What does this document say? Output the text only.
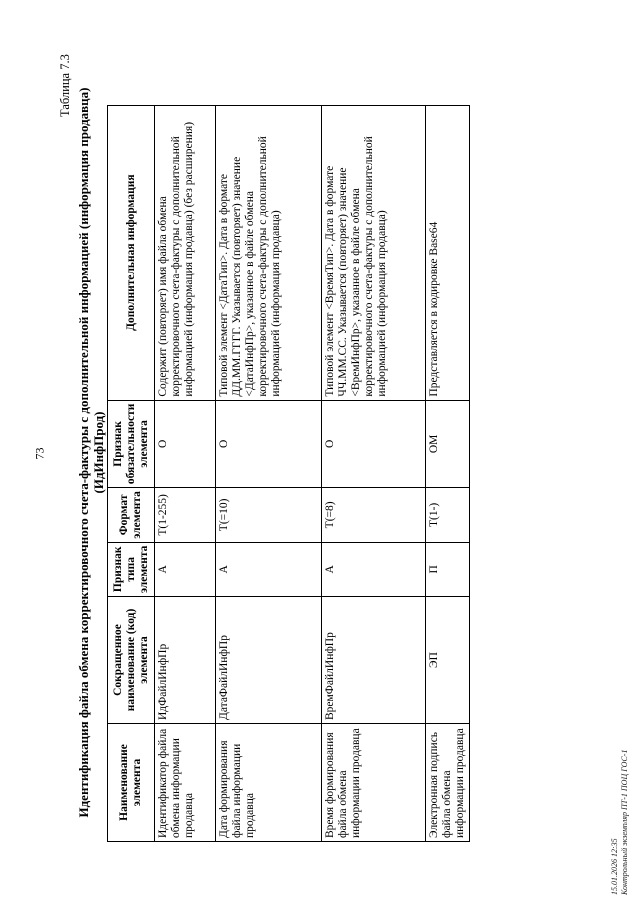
73
Таблица 7.3
Идентификация файла обмена корректировочного счета-фактуры с дополнительной информацией (информация продавца) (ИдИнфПрод)
Наименование элемента	Сокращенное наименование (код) элемента	Признак типа элемента	Формат элемента	Признак обязательности элемента	Дополнительная информация
Идентификатор файла обмена информации продавца	ИдФайлИнфПр	А	T(1-255)	О	Содержит (повторяет) имя файла обмена корректировочного счета-фактуры с дополнительной информацией (информация продавца) (без расширения)
Дата формирования файла информации продавца	ДатаФайлИнфПр	А	T(=10)	О	Типовой элемент <ДатаТип>. Дата в формате ДД.ММ.ГГГГ. Указывается (повторяет) значение <ДатаИнфПр>, указанное в файле обмена корректировочного счета-фактуры с дополнительной информацией (информация продавца)
Время формирования файла обмена информации продавца	ВремФайлИнфПр	А	T(=8)	О	Типовой элемент <ВремяТип>. Дата в формате ЧЧ.ММ.СС. Указывается (повторяет) значение <ВремИнфПр>, указанное в файле обмена корректировочного счета-фактуры с дополнительной информацией (информация продавца)
Электронная подпись файла обмена информации продавца	ЭП	П	T(1-)	ОМ	Представляется в кодировке Base64
15.01.2026 12:35 Контрольный экземпляр ПТ-1 ПОЦ ГОС-1
